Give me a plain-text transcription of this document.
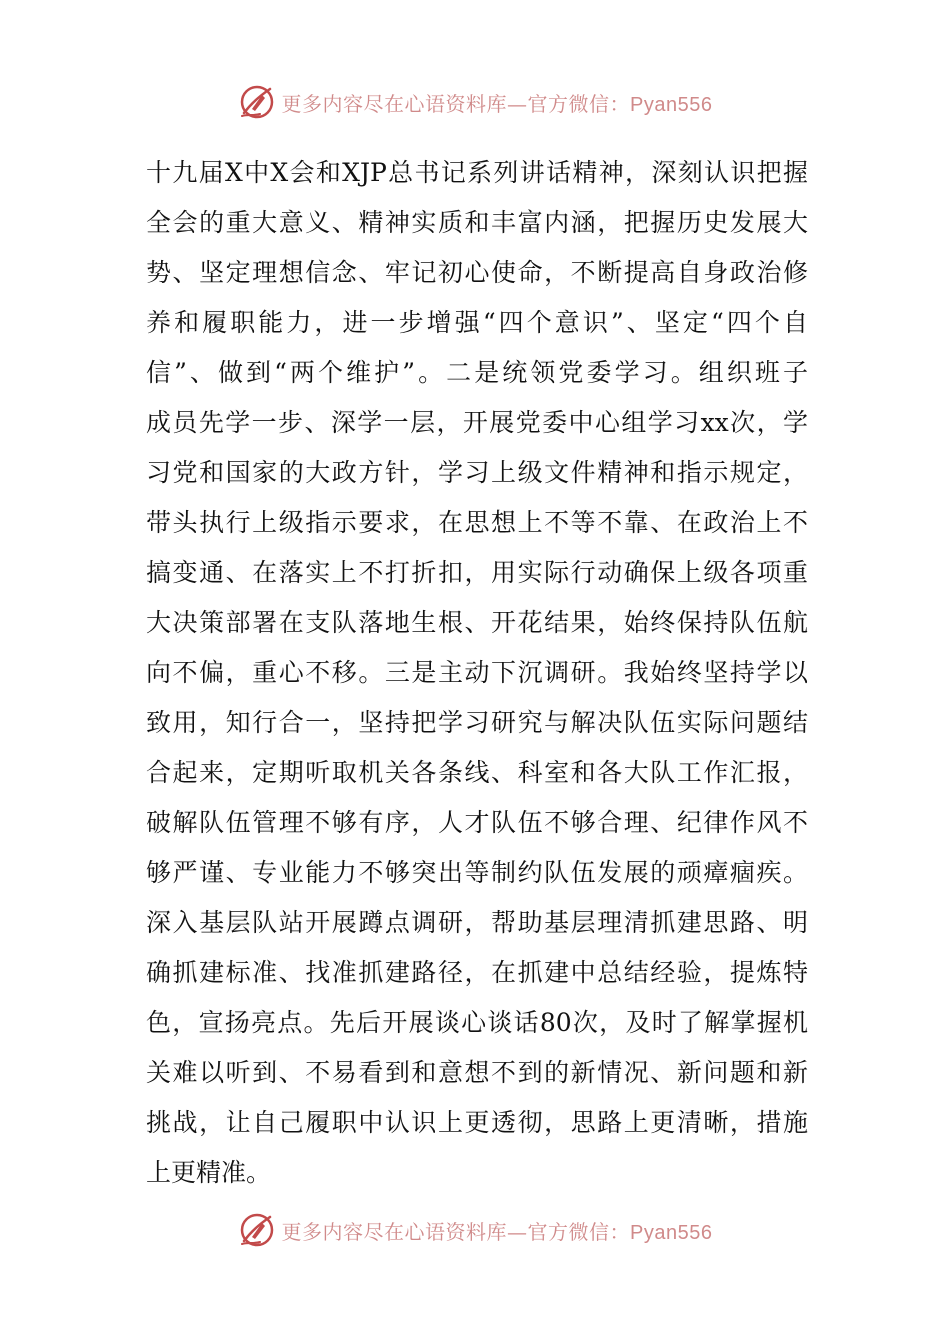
更多内容尽在心语资料库—官方微信：Pyan556
十九届X中X会和XJP总书记系列讲话精神，深刻认识把握
全会的重大意义、精神实质和丰富内涵，把握历史发展大
势、坚定理想信念、牢记初心使命，不断提高自身政治修
养和履职能力，进一步增强“四个意识”、坚定“四个自
信”、做到“两个维护”。二是统领党委学习。组织班子
成员先学一步、深学一层，开展党委中心组学习xx次，学
习党和国家的大政方针，学习上级文件精神和指示规定，
带头执行上级指示要求，在思想上不等不靠、在政治上不
搞变通、在落实上不打折扣，用实际行动确保上级各项重
大决策部署在支队落地生根、开花结果，始终保持队伍航
向不偏，重心不移。三是主动下沉调研。我始终坚持学以
致用，知行合一，坚持把学习研究与解决队伍实际问题结
合起来，定期听取机关各条线、科室和各大队工作汇报，
破解队伍管理不够有序，人才队伍不够合理、纪律作风不
够严谨、专业能力不够突出等制约队伍发展的顽瘴痼疾。
深入基层队站开展蹲点调研，帮助基层理清抓建思路、明
确抓建标准、找准抓建路径，在抓建中总结经验，提炼特
色，宣扬亮点。先后开展谈心谈话80次，及时了解掌握机
关难以听到、不易看到和意想不到的新情况、新问题和新
挑战，让自己履职中认识上更透彻，思路上更清晰，措施
上更精准。
更多内容尽在心语资料库—官方微信：Pyan556
